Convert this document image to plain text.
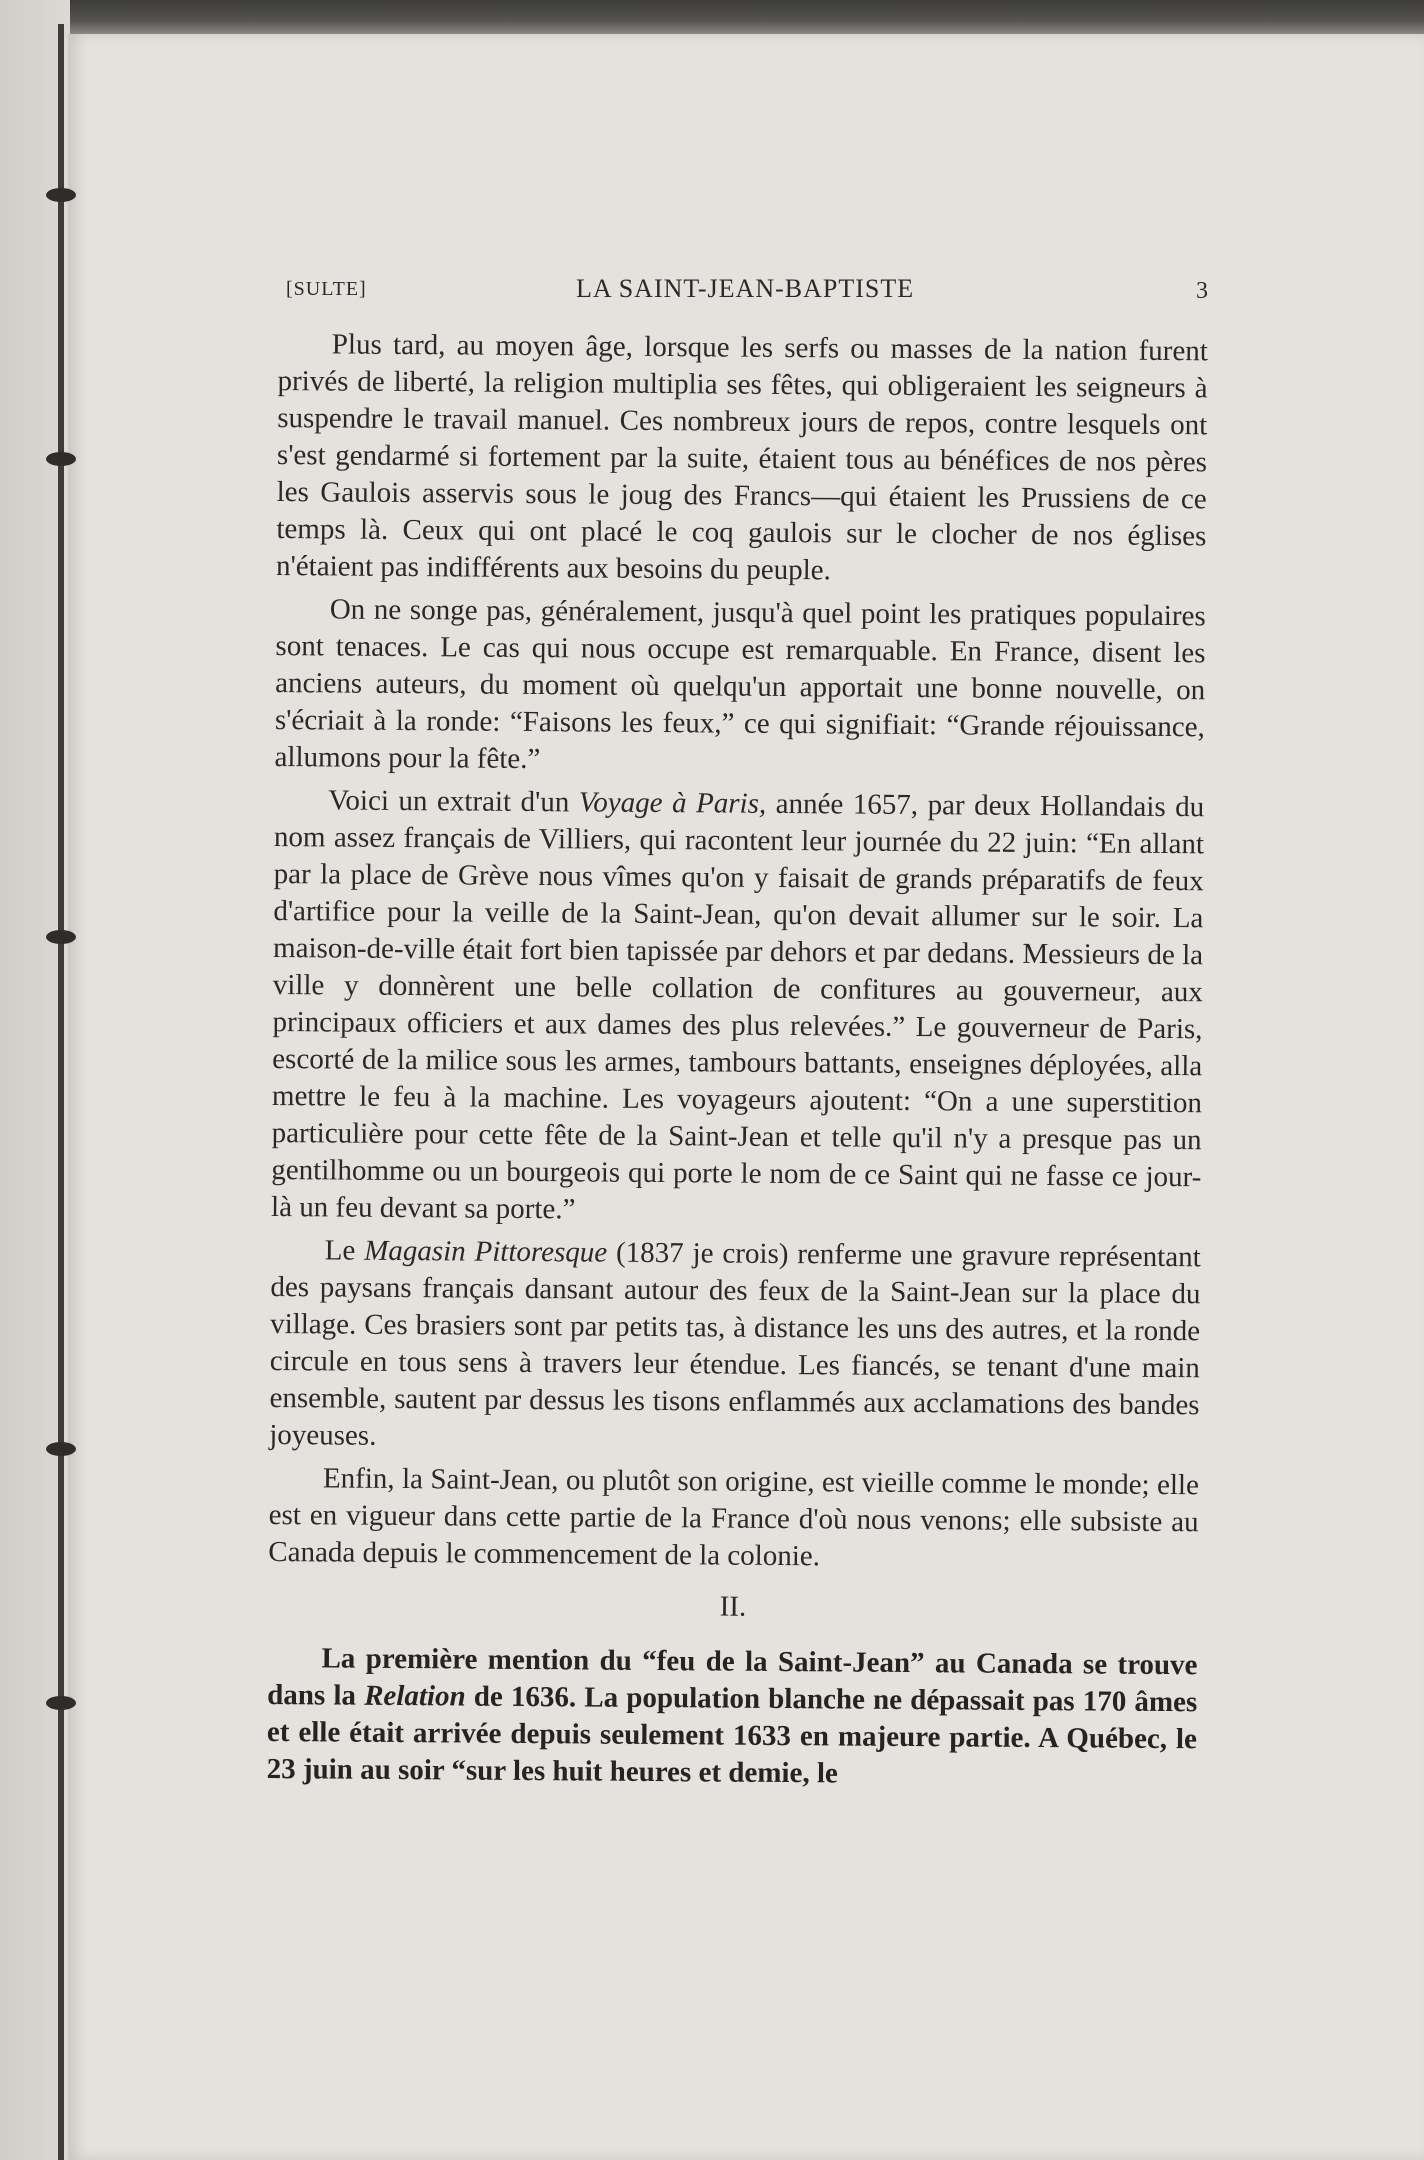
[SULTE]	LA SAINT-JEAN-BAPTISTE	3

Plus tard, au moyen âge, lorsque les serfs ou masses de la nation furent privés de liberté, la religion multiplia ses fêtes, qui obligeraient les seigneurs à suspendre le travail manuel. Ces nombreux jours de repos, contre lesquels ont s'est gendarmé si fortement par la suite, étaient tous au bénéfices de nos pères les Gaulois asservis sous le joug des Francs—qui étaient les Prussiens de ce temps là. Ceux qui ont placé le coq gaulois sur le clocher de nos églises n'étaient pas indifférents aux besoins du peuple.

On ne songe pas, généralement, jusqu'à quel point les pratiques populaires sont tenaces. Le cas qui nous occupe est remarquable. En France, disent les anciens auteurs, du moment où quelqu'un apportait une bonne nouvelle, on s'écriait à la ronde: “Faisons les feux,” ce qui signifiait: “Grande réjouissance, allumons pour la fête.”

Voici un extrait d'un Voyage à Paris, année 1657, par deux Hollandais du nom assez français de Villiers, qui racontent leur journée du 22 juin: “En allant par la place de Grève nous vîmes qu'on y faisait de grands préparatifs de feux d'artifice pour la veille de la Saint-Jean, qu'on devait allumer sur le soir. La maison-de-ville était fort bien tapissée par dehors et par dedans. Messieurs de la ville y donnèrent une belle collation de confitures au gouverneur, aux principaux officiers et aux dames des plus relevées.” Le gouverneur de Paris, escorté de la milice sous les armes, tambours battants, enseignes déployées, alla mettre le feu à la machine. Les voyageurs ajoutent: “On a une superstition particulière pour cette fête de la Saint-Jean et telle qu'il n'y a presque pas un gentilhomme ou un bourgeois qui porte le nom de ce Saint qui ne fasse ce jour-là un feu devant sa porte.”

Le Magasin Pittoresque (1837 je crois) renferme une gravure représentant des paysans français dansant autour des feux de la Saint-Jean sur la place du village. Ces brasiers sont par petits tas, à distance les uns des autres, et la ronde circule en tous sens à travers leur étendue. Les fiancés, se tenant d'une main ensemble, sautent par dessus les tisons enflammés aux acclamations des bandes joyeuses.

Enfin, la Saint-Jean, ou plutôt son origine, est vieille comme le monde; elle est en vigueur dans cette partie de la France d'où nous venons; elle subsiste au Canada depuis le commencement de la colonie.

II.

La première mention du “feu de la Saint-Jean” au Canada se trouve dans la Relation de 1636. La population blanche ne dépassait pas 170 âmes et elle était arrivée depuis seulement 1633 en majeure partie. A Québec, le 23 juin au soir “sur les huit heures et demie, le
